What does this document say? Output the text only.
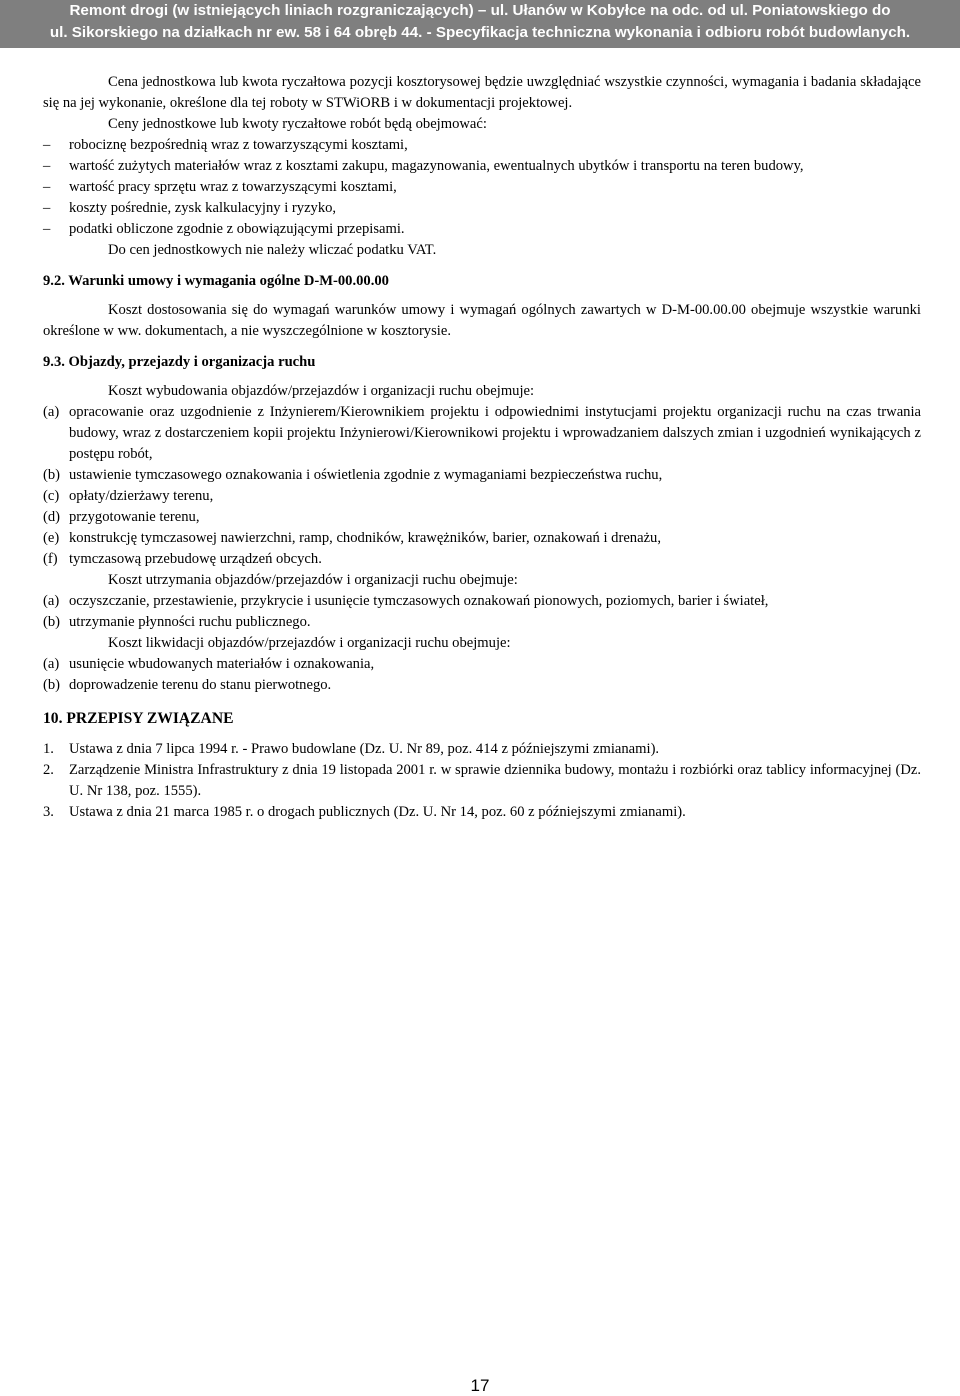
Remont drogi (w istniejących liniach rozgraniczających) – ul. Ułanów w Kobyłce na odc. od ul. Poniatowskiego do
ul. Sikorskiego na działkach nr ew. 58 i 64 obręb 44. - Specyfikacja techniczna wykonania i odbioru robót budowlanych.

Cena jednostkowa lub kwota ryczałtowa pozycji kosztorysowej będzie uwzględniać wszystkie czynności, wymagania i badania składające się na jej wykonanie, określone dla tej roboty w STWiORB i w dokumentacji projektowej.

Ceny jednostkowe lub kwoty ryczałtowe robót będą obejmować:

–	robociznę bezpośrednią wraz z towarzyszącymi kosztami,
–	wartość zużytych materiałów wraz z kosztami zakupu, magazynowania, ewentualnych ubytków i transportu na teren budowy,
–	wartość pracy sprzętu wraz z towarzyszącymi kosztami,
–	koszty pośrednie, zysk kalkulacyjny i ryzyko,
–	podatki obliczone zgodnie z obowiązującymi przepisami.

Do cen jednostkowych nie należy wliczać podatku VAT.

9.2. Warunki umowy i wymagania ogólne D-M-00.00.00

Koszt dostosowania się do wymagań warunków umowy i wymagań ogólnych zawartych w D-M-00.00.00 obejmuje wszystkie warunki określone w ww. dokumentach, a nie wyszczególnione w kosztorysie.

9.3. Objazdy, przejazdy i organizacja ruchu

Koszt wybudowania objazdów/przejazdów i organizacji ruchu obejmuje:

(a) opracowanie oraz uzgodnienie z Inżynierem/Kierownikiem projektu i odpowiednimi instytucjami projektu organizacji ruchu na czas trwania budowy, wraz z dostarczeniem kopii projektu Inżynierowi/Kierownikowi projektu i wprowadzaniem dalszych zmian i uzgodnień wynikających z postępu robót,
(b) ustawienie tymczasowego oznakowania i oświetlenia zgodnie z wymaganiami bezpieczeństwa ruchu,
(c) opłaty/dzierżawy terenu,
(d) przygotowanie terenu,
(e) konstrukcję tymczasowej nawierzchni, ramp, chodników, krawężników, barier, oznakowań i drenażu,
(f) tymczasową przebudowę urządzeń obcych.

Koszt utrzymania objazdów/przejazdów i organizacji ruchu obejmuje:

(a) oczyszczanie, przestawienie, przykrycie i usunięcie tymczasowych oznakowań pionowych, poziomych, barier i świateł,
(b) utrzymanie płynności ruchu publicznego.

Koszt likwidacji objazdów/przejazdów i organizacji ruchu obejmuje:

(a) usunięcie wbudowanych materiałów i oznakowania,
(b) doprowadzenie terenu do stanu pierwotnego.
10. PRZEPISY ZWIĄZANE
1. Ustawa z dnia 7 lipca 1994 r. - Prawo budowlane (Dz. U. Nr 89, poz. 414 z późniejszymi zmianami).
2. Zarządzenie Ministra Infrastruktury z dnia 19 listopada 2001 r. w sprawie dziennika budowy, montażu i rozbiórki oraz tablicy informacyjnej (Dz. U. Nr 138, poz. 1555).
3. Ustawa z dnia 21 marca 1985 r. o drogach publicznych (Dz. U. Nr 14, poz. 60 z późniejszymi zmianami).
17
